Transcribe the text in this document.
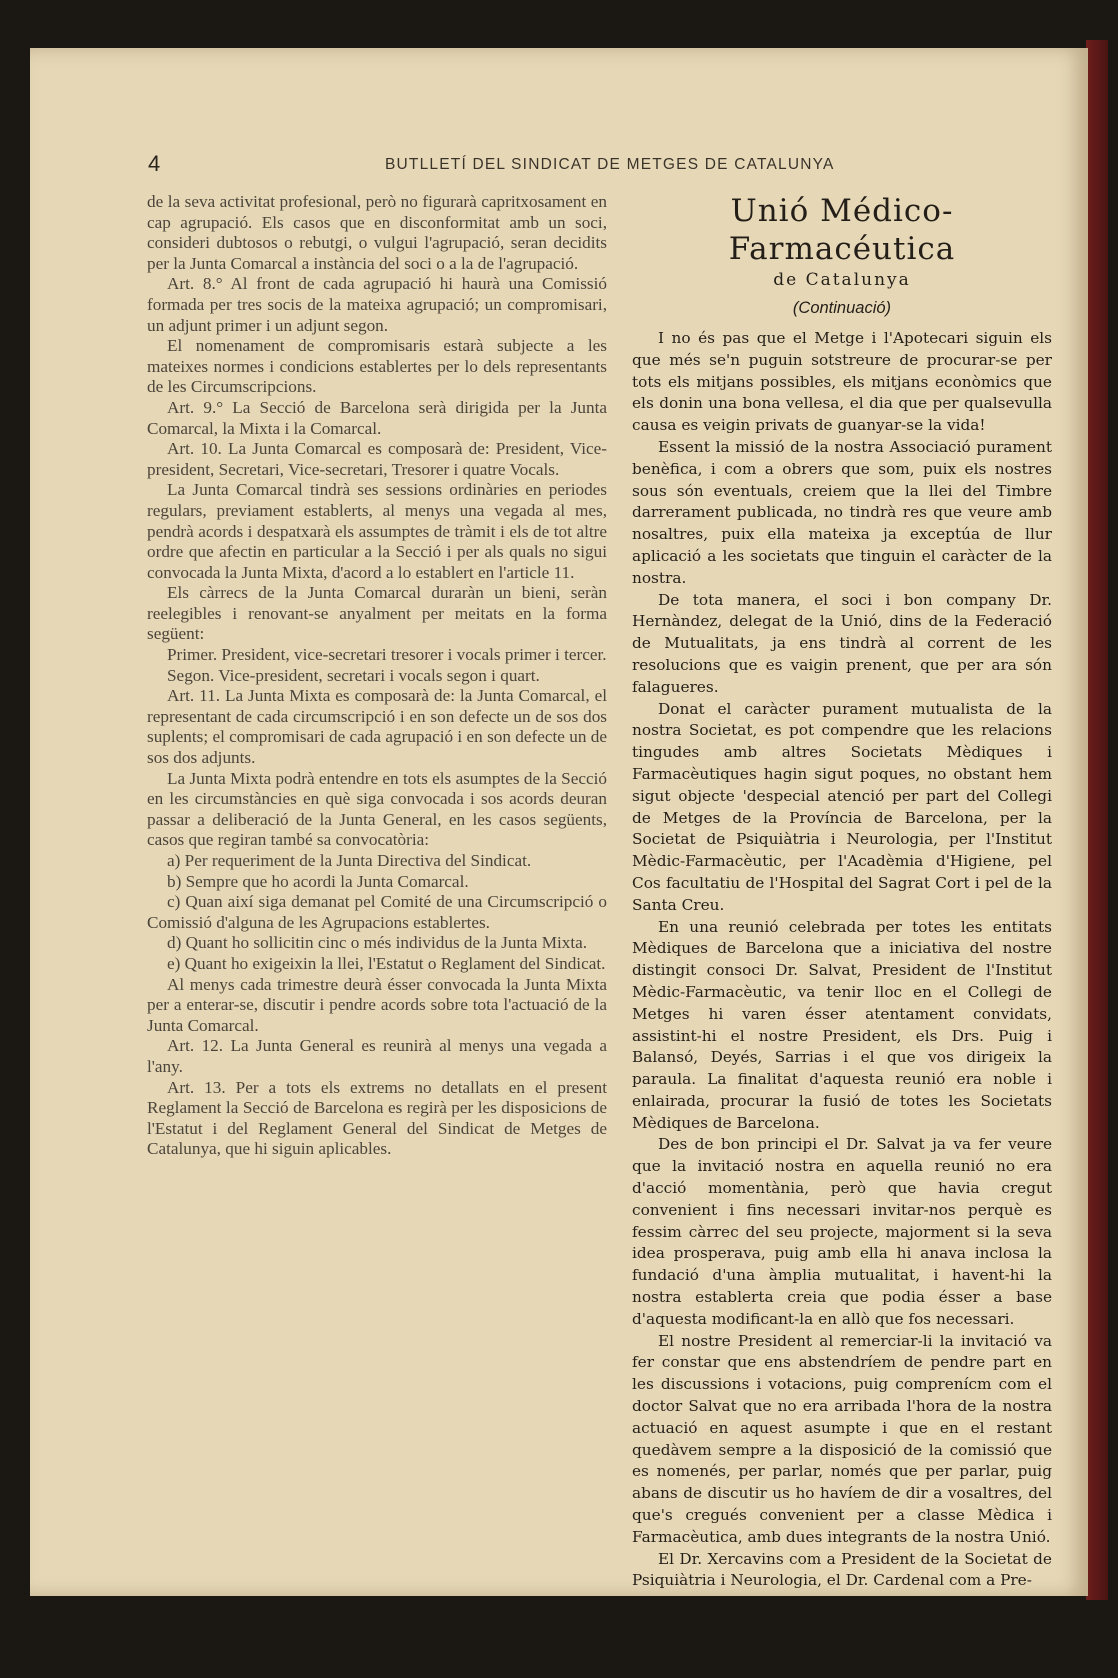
4	BUTLLETÍ DEL SINDICAT DE METGES DE CATALUNYA

de la seva activitat profesional, però no figurarà capritxosament en cap agrupació. Els casos que en disconformitat amb un soci, consideri dubtosos o rebutgi, o vulgui l'agrupació, seran decidits per la Junta Comarcal a instància del soci o a la de l'agrupació.

Art. 8.° Al front de cada agrupació hi haurà una Comissió formada per tres socis de la mateixa agrupació; un compromisari, un adjunt primer i un adjunt segon.

El nomenament de compromisaris estarà subjecte a les mateixes normes i condicions establertes per lo dels representants de les Circumscripcions.

Art. 9.° La Secció de Barcelona serà dirigida per la Junta Comarcal, la Mixta i la Comarcal.

Art. 10. La Junta Comarcal es composarà de: President, Vice-president, Secretari, Vice-secretari, Tresorer i quatre Vocals.

La Junta Comarcal tindrà ses sessions ordinàries en periodes regulars, previament establerts, al menys una vegada al mes, pendrà acords i despatxarà els assumptes de tràmit i els de tot altre ordre que afectin en particular a la Secció i per als quals no sigui convocada la Junta Mixta, d'acord a lo establert en l'article 11.

Els càrrecs de la Junta Comarcal duraràn un bieni, seràn reelegibles i renovant-se anyalment per meitats en la forma següent:

Primer. President, vice-secretari tresorer i vocals primer i tercer.

Segon. Vice-president, secretari i vocals segon i quart.

Art. 11. La Junta Mixta es composarà de: la Junta Comarcal, el representant de cada circumscripció i en son defecte un de sos dos suplents; el compromisari de cada agrupació i en son defecte un de sos dos adjunts.

La Junta Mixta podrà entendre en tots els asumptes de la Secció en les circumstàncies en què siga convocada i sos acords deuran passar a deliberació de la Junta General, en les casos següents, casos que regiran també sa convocatòria:

a) Per requeriment de la Junta Directiva del Sindicat.

b) Sempre que ho acordi la Junta Comarcal.

c) Quan així siga demanat pel Comité de una Circumscripció o Comissió d'alguna de les Agrupacions establertes.

d) Quant ho sollicitin cinc o més individus de la Junta Mixta.

e) Quant ho exigeixin la llei, l'Estatut o Reglament del Sindicat.

Al menys cada trimestre deurà ésser convocada la Junta Mixta per a enterar-se, discutir i pendre acords sobre tota l'actuació de la Junta Comarcal.

Art. 12. La Junta General es reunirà al menys una vegada a l'any.

Art. 13. Per a tots els extrems no detallats en el present Reglament la Secció de Barcelona es regirà per les disposicions de l'Estatut i del Reglament General del Sindicat de Metges de Catalunya, que hi siguin aplicables.

Unió Médico-Farmacéutica
de Catalunya
(Continuació)

I no és pas que el Metge i l'Apotecari siguin els que més se'n puguin sotstreure de procurar-se per tots els mitjans possibles, els mitjans econòmics que els donin una bona vellesa, el dia que per qualsevulla causa es veigin privats de guanyar-se la vida!

Essent la missió de la nostra Associació purament benèfica, i com a obrers que som, puix els nostres sous són eventuals, creiem que la llei del Timbre darrerament publicada, no tindrà res que veure amb nosaltres, puix ella mateixa ja exceptúa de llur aplicació a les societats que tinguin el caràcter de la nostra.

De tota manera, el soci i bon company Dr. Hernàndez, delegat de la Unió, dins de la Federació de Mutualitats, ja ens tindrà al corrent de les resolucions que es vaigin prenent, que per ara són falagueres.

Donat el caràcter purament mutualista de la nostra Societat, es pot compendre que les relacions tingudes amb altres Societats Mèdiques i Farmacèutiques hagin sigut poques, no obstant hem sigut objecte 'despecial atenció per part del Collegi de Metges de la Província de Barcelona, per la Societat de Psiquiàtria i Neurologia, per l'Institut Mèdic-Farmacèutic, per l'Acadèmia d'Higiene, pel Cos facultatiu de l'Hospital del Sagrat Cort i pel de la Santa Creu.

En una reunió celebrada per totes les entitats Mèdiques de Barcelona que a iniciativa del nostre distingit consoci Dr. Salvat, President de l'Institut Mèdic-Farmacèutic, va tenir lloc en el Collegi de Metges hi varen ésser atentament convidats, assistint-hi el nostre President, els Drs. Puig i Balansó, Deyés, Sarrias i el que vos dirigeix la paraula. La finalitat d'aquesta reunió era noble i enlairada, procurar la fusió de totes les Societats Mèdiques de Barcelona.

Des de bon principi el Dr. Salvat ja va fer veure que la invitació nostra en aquella reunió no era d'acció momentània, però que havia cregut convenient i fins necessari invitar-nos perquè es fessim càrrec del seu projecte, majorment si la seva idea prosperava, puig amb ella hi anava inclosa la fundació d'una àmplia mutualitat, i havent-hi la nostra establerta creia que podia ésser a base d'aquesta modificant-la en allò que fos necessari.

El nostre President al remerciar-li la invitació va fer constar que ens abstendríem de pendre part en les discussions i votacions, puig comprenícm com el doctor Salvat que no era arribada l'hora de la nostra actuació en aquest asumpte i que en el restant quedàvem sempre a la disposició de la comissió que es nomenés, per parlar, només que per parlar, puig abans de discutir us ho havíem de dir a vosaltres, del que's cregués convenient per a classe Mèdica i Farmacèutica, amb dues integrants de la nostra Unió.

El Dr. Xercavins com a President de la Societat de Psiquiàtria i Neurologia, el Dr. Cardenal com a Pre-
